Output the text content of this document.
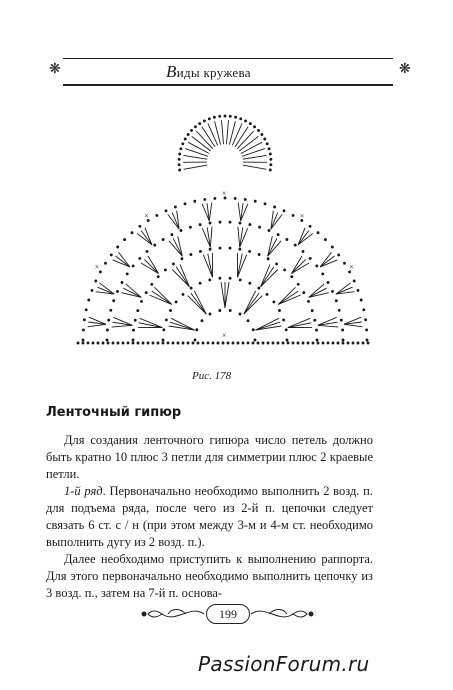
❋	Виды кружева	❋
×
×
×
×
×
×
Рис. 178
Ленточный гипюр

Для создания ленточного гипюра число петель должно быть кратно 10 плюс 3 петли для симметрии плюс 2 краевые петли.

1-й ряд. Первоначально необходимо выполнить 2 возд. п. для подъема ряда, после чего из 2-й п. цепочки следует связать 6 ст. с / н (при этом между 3-м и 4-м ст. необходимо выполнить дугу из 2 возд. п.).

Далее необходимо приступить к выполнению раппорта. Для этого первоначально необходимо выполнить цепочку из 3 возд. п., затем на 7-й п. основа-

199
PassionForum.ru
